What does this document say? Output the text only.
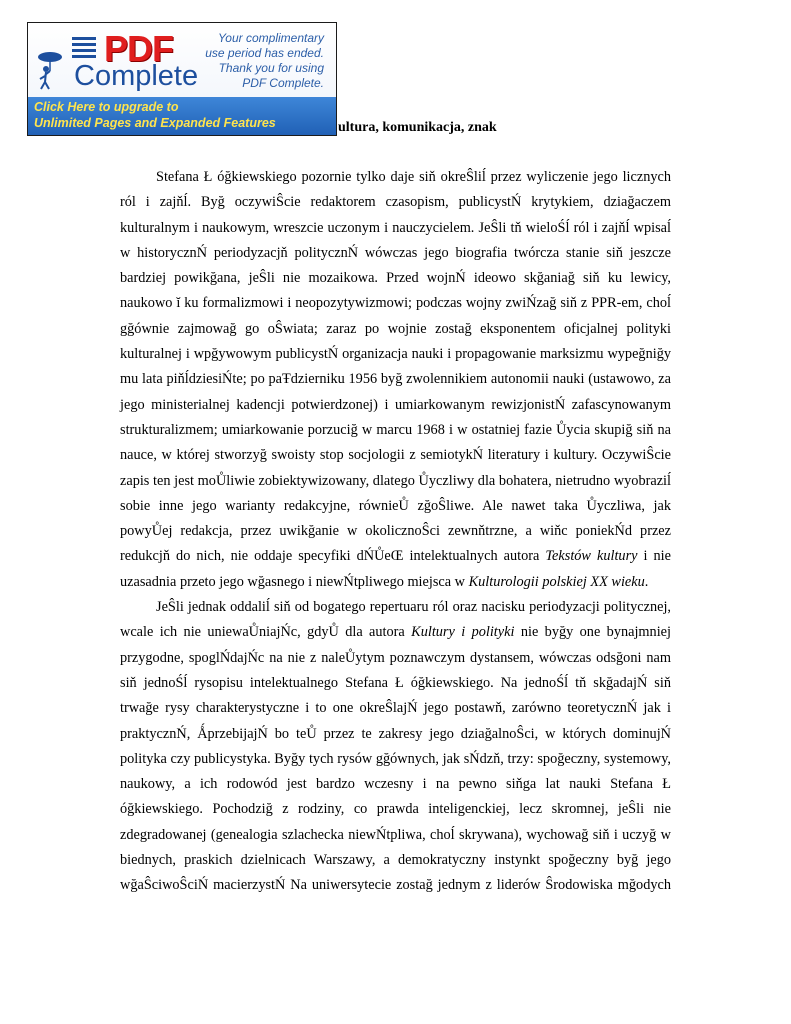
PDF
Complete
Your complimentary
use period has ended.
Thank you for using
PDF Complete.
Click Here to upgrade to
Unlimited Pages and Expanded Features	ultura, komunikacja, znak

Stefana Ł óğkiewskiego pozornie tylko daje siň okreŜliĺ przez wyliczenie jego licznych ról i zajňĺ. Byğ oczywiŜcie redaktorem czasopism, publicystŃ krytykiem, dziağaczem kulturalnym i naukowym, wreszcie uczonym i nauczycielem. JeŜli tň wieloŚĺ ról i zajňĺ wpisaĺ w historycznŃ periodyzacjň politycznŃ wówczas jego biografia twórcza stanie siň jeszcze bardziej powikğana, jeŜli nie mozaikowa. Przed wojnŃ ideowo skğaniağ siň ku lewicy, naukowo ĭ ku formalizmowi i neopozytywizmowi; podczas wojny zwiŃzağ siň z PPR-em, choĺ gğównie zajmowağ go oŜwiata; zaraz po wojnie zostağ eksponentem oficjalnej polityki kulturalnej i wpğywowym publicystŃ organizacja nauki i propagowanie marksizmu wypeğniğy mu lata piňĺdziesiŃte; po paŦdzierniku 1956 byğ zwolennikiem autonomii nauki (ustawowo, za jego ministerialnej kadencji potwierdzonej) i umiarkowanym rewizjonistŃ zafascynowanym strukturalizmem; umiarkowanie porzuciğ w marcu 1968 i w ostatniej fazie Ůycia skupiğ siň na nauce, w której stworzyğ swoisty stop socjologii z semiotykŃ literatury i kultury. OczywiŜcie zapis ten jest moŮliwie zobiektywizowany, dlatego Ůyczliwy dla bohatera, nietrudno wyobraziĺ sobie inne jego warianty redakcyjne, równieŮ zğoŜliwe. Ale nawet taka Ůyczliwa, jak powyŮej redakcja, przez uwikğanie w okolicznoŜci zewnňtrzne, a wiňc poniekŃd przez redukcjň do nich, nie oddaje specyfiki dŃŮeŒ intelektualnych autora Tekstów kultury i nie uzasadnia przeto jego wğasnego i niewŃtpliwego miejsca w Kulturologii polskiej XX wieku.

JeŜli jednak oddaliĺ siň od bogatego repertuaru ról oraz nacisku periodyzacji politycznej, wcale ich nie uniewaŮniajŃc, gdyŮ dla autora Kultury i polityki nie byğy one bynajmniej przygodne, spoglŃdajŃc na nie z naleŮytym poznawczym dystansem, wówczas odsğoni nam siň jednoŚĺ rysopisu intelektualnego Stefana Ł óğkiewskiego. Na jednoŚĺ tň skğadajŃ siň trwağe rysy charakterystyczne i to one okreŜlajŃ jego postawň, zarówno teoretycznŃ jak i praktycznŃ, ǺprzebijajŃ bo teŮ przez te zakresy jego dziağalnoŜci, w których dominujŃ polityka czy publicystyka. Byğy tych rysów gğównych, jak sŃdzň, trzy: spoğeczny, systemowy, naukowy, a ich rodowód jest bardzo wczesny i na pewno siňga lat nauki Stefana Ł óğkiewskiego. Pochodziğ z rodziny, co prawda inteligenckiej, lecz skromnej, jeŜli nie zdegradowanej (genealogia szlachecka niewŃtpliwa, choĺ skrywana), wychowağ siň i uczyğ w biednych, praskich dzielnicach Warszawy, a demokratyczny instynkt spoğeczny byğ jego wğaŜciwoŜciŃ macierzystŃ Na uniwersytecie zostağ jednym z liderów Ŝrodowiska mğodych
